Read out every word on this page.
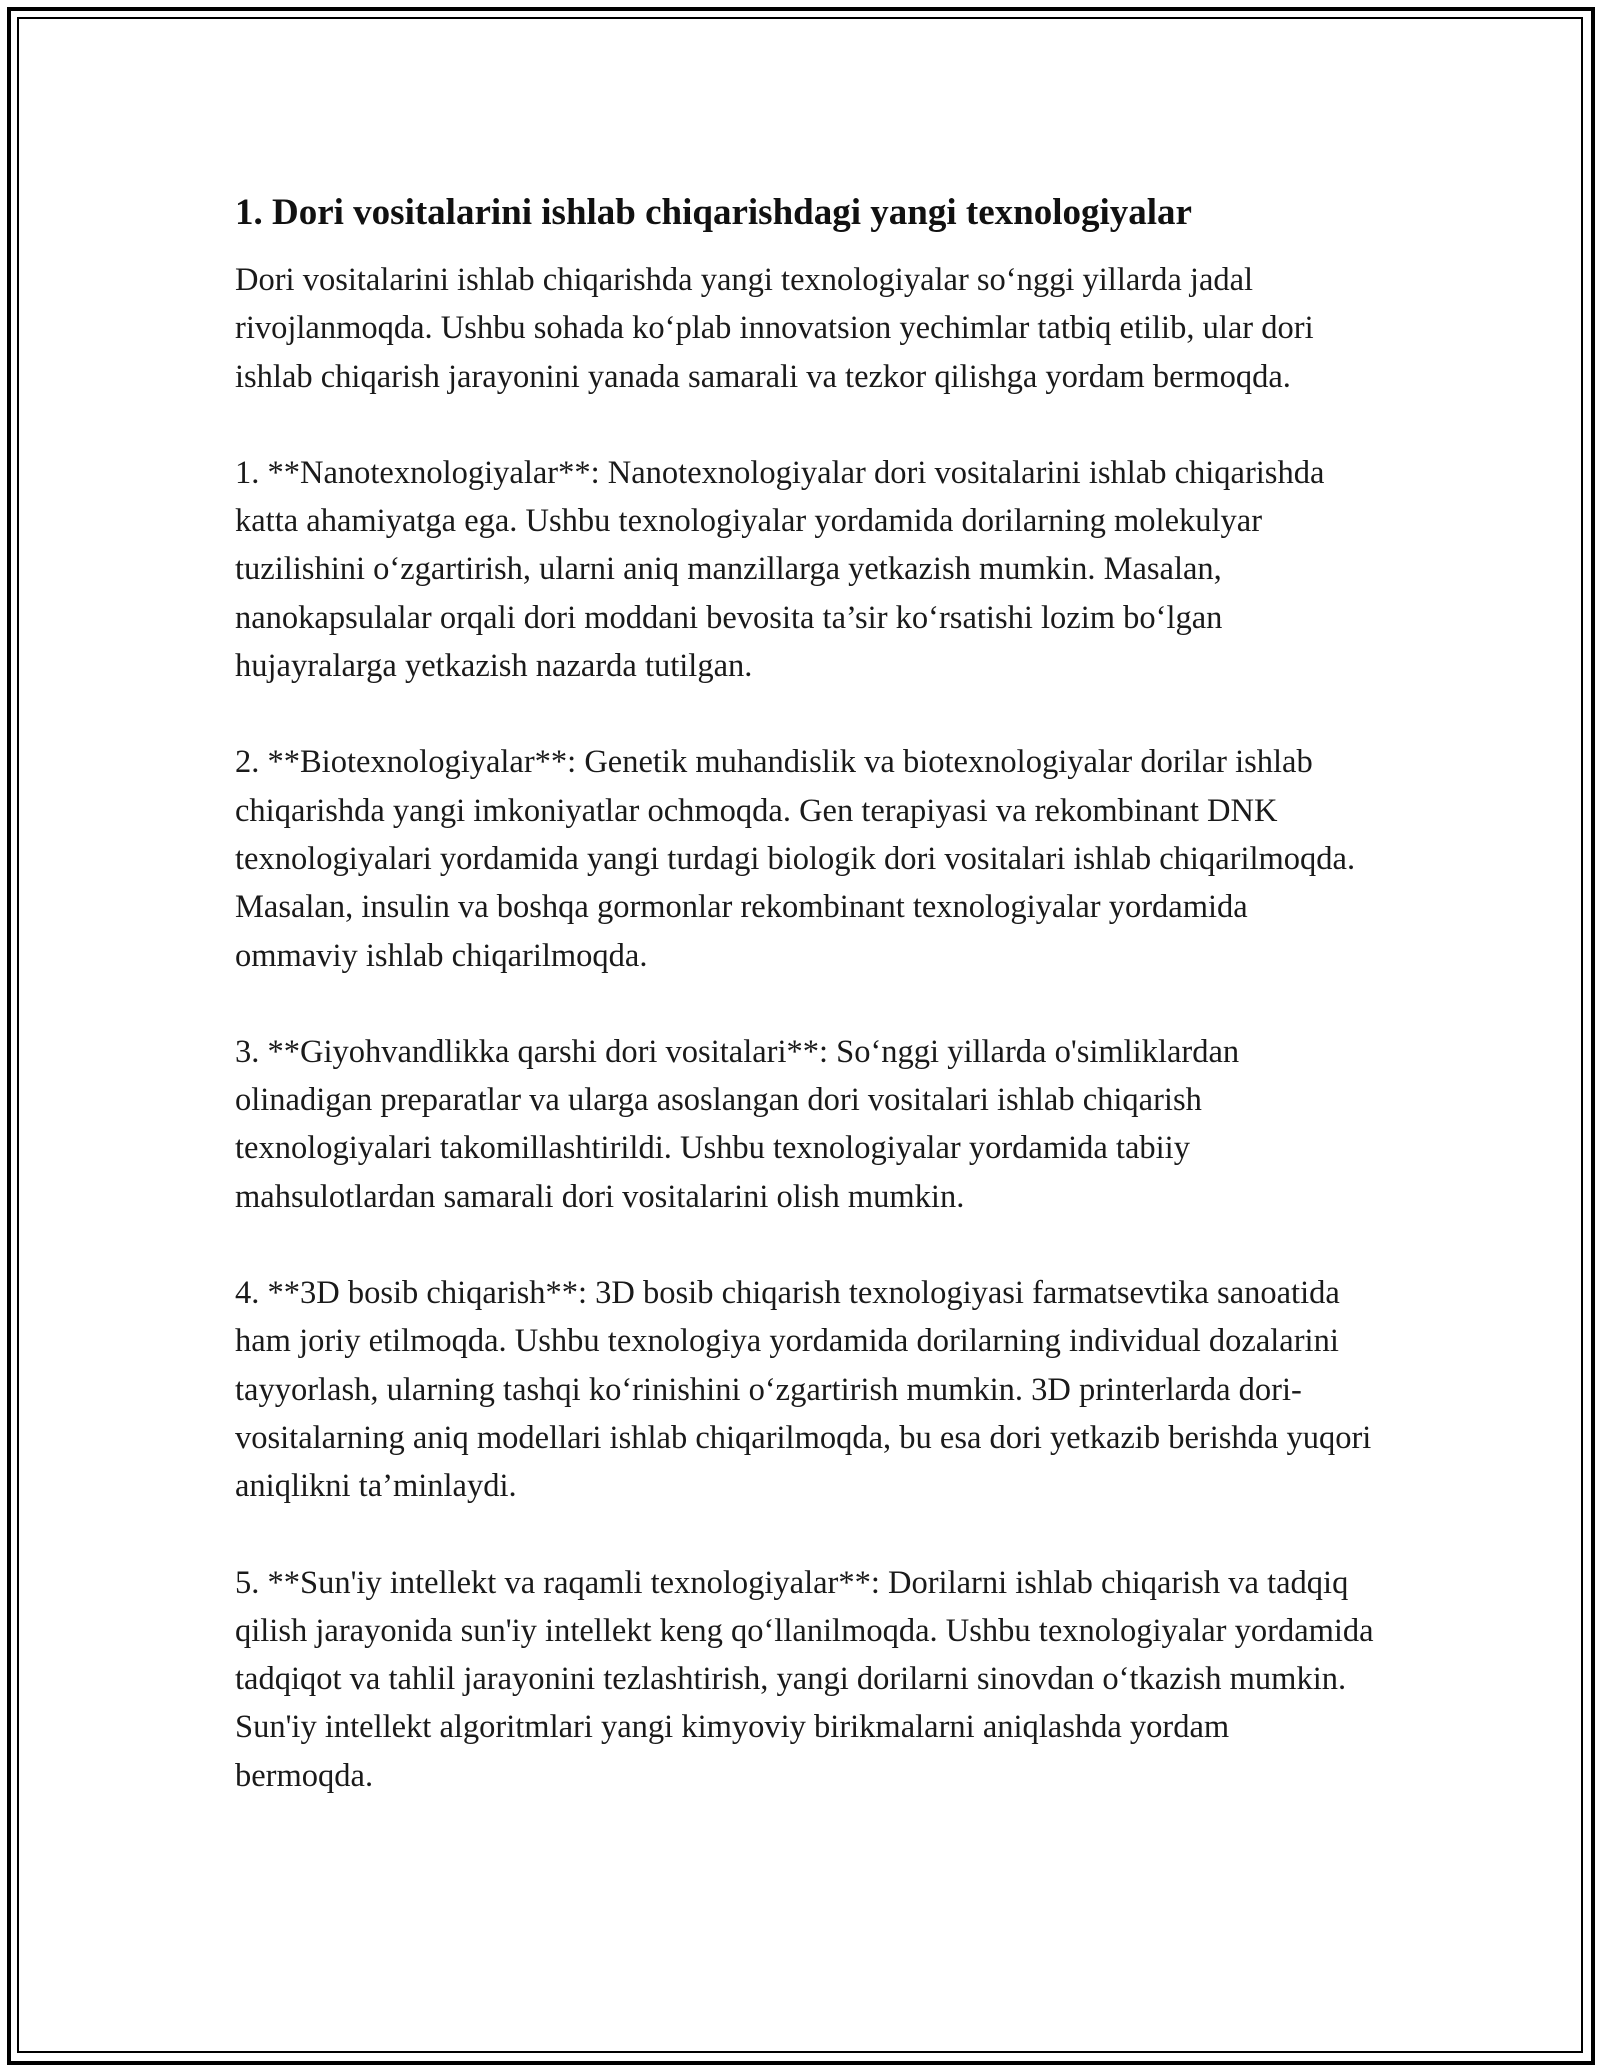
1. Dori vositalarini ishlab chiqarishdagi yangi texnologiyalar

Dori vositalarini ishlab chiqarishda yangi texnologiyalar so‘nggi yillarda jadal rivojlanmoqda. Ushbu sohada ko‘plab innovatsion yechimlar tatbiq etilib, ular dori ishlab chiqarish jarayonini yanada samarali va tezkor qilishga yordam bermoqda.

1. **Nanotexnologiyalar**: Nanotexnologiyalar dori vositalarini ishlab chiqarishda katta ahamiyatga ega. Ushbu texnologiyalar yordamida dorilarning molekulyar tuzilishini o‘zgartirish, ularni aniq manzillarga yetkazish mumkin. Masalan, nanokapsulalar orqali dori moddani bevosita ta’sir ko‘rsatishi lozim bo‘lgan hujayralarga yetkazish nazarda tutilgan.

2. **Biotexnologiyalar**: Genetik muhandislik va biotexnologiyalar dorilar ishlab chiqarishda yangi imkoniyatlar ochmoqda. Gen terapiyasi va rekombinant DNK texnologiyalari yordamida yangi turdagi biologik dori vositalari ishlab chiqarilmoqda. Masalan, insulin va boshqa gormonlar rekombinant texnologiyalar yordamida ommaviy ishlab chiqarilmoqda.

3. **Giyohvandlikka qarshi dori vositalari**: So‘nggi yillarda o'simliklardan olinadigan preparatlar va ularga asoslangan dori vositalari ishlab chiqarish texnologiyalari takomillashtirildi. Ushbu texnologiyalar yordamida tabiiy mahsulotlardan samarali dori vositalarini olish mumkin.

4. **3D bosib chiqarish**: 3D bosib chiqarish texnologiyasi farmatsevtika sanoatida ham joriy etilmoqda. Ushbu texnologiya yordamida dorilarning individual dozalarini tayyorlash, ularning tashqi ko‘rinishini o‘zgartirish mumkin. 3D printerlarda dori-vositalarning aniq modellari ishlab chiqarilmoqda, bu esa dori yetkazib berishda yuqori aniqlikni ta’minlaydi.

5. **Sun'iy intellekt va raqamli texnologiyalar**: Dorilarni ishlab chiqarish va tadqiq qilish jarayonida sun'iy intellekt keng qo‘llanilmoqda. Ushbu texnologiyalar yordamida tadqiqot va tahlil jarayonini tezlashtirish, yangi dorilarni sinovdan o‘tkazish mumkin. Sun'iy intellekt algoritmlari yangi kimyoviy birikmalarni aniqlashda yordam bermoqda.
